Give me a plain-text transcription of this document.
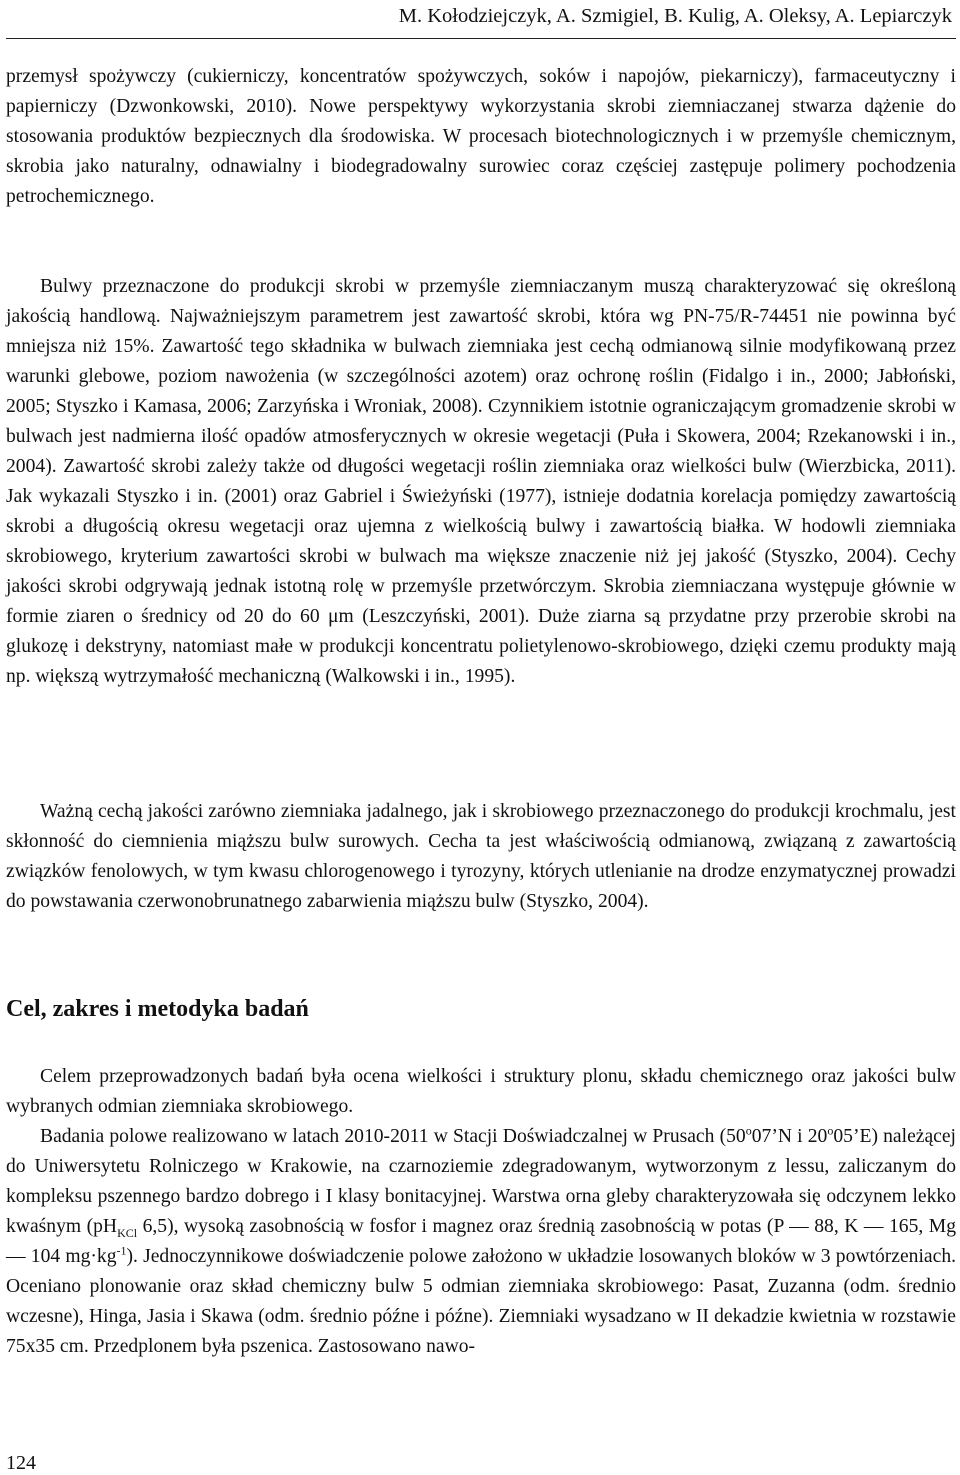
M. Kołodziejczyk, A. Szmigiel, B. Kulig, A. Oleksy, A. Lepiarczyk

przemysł spożywczy (cukierniczy, koncentratów spożywczych, soków i napojów, piekarniczy), farmaceutyczny i papierniczy (Dzwonkowski, 2010). Nowe perspektywy wykorzystania skrobi ziemniaczanej stwarza dążenie do stosowania produktów bezpiecznych dla środowiska. W procesach biotechnologicznych i w przemyśle chemicznym, skrobia jako naturalny, odnawialny i biodegradowalny surowiec coraz częściej zastępuje polimery pochodzenia petrochemicznego.

Bulwy przeznaczone do produkcji skrobi w przemyśle ziemniaczanym muszą charakteryzować się określoną jakością handlową. Najważniejszym parametrem jest zawartość skrobi, która wg PN-75/R-74451 nie powinna być mniejsza niż 15%. Zawartość tego składnika w bulwach ziemniaka jest cechą odmianową silnie modyfikowaną przez warunki glebowe, poziom nawożenia (w szczególności azotem) oraz ochronę roślin (Fidalgo i in., 2000; Jabłoński, 2005; Styszko i Kamasa, 2006; Zarzyńska i Wroniak, 2008). Czynnikiem istotnie ograniczającym gromadzenie skrobi w bulwach jest nadmierna ilość opadów atmosferycznych w okresie wegetacji (Puła i Skowera, 2004; Rzekanowski i in., 2004). Zawartość skrobi zależy także od długości wegetacji roślin ziemniaka oraz wielkości bulw (Wierzbicka, 2011). Jak wykazali Styszko i in. (2001) oraz Gabriel i Świeżyński (1977), istnieje dodatnia korelacja pomiędzy zawartością skrobi a długością okresu wegetacji oraz ujemna z wielkością bulwy i zawartością białka. W hodowli ziemniaka skrobiowego, kryterium zawartości skrobi w bulwach ma większe znaczenie niż jej jakość (Styszko, 2004). Cechy jakości skrobi odgrywają jednak istotną rolę w przemyśle przetwórczym. Skrobia ziemniaczana występuje głównie w formie ziaren o średnicy od 20 do 60 μm (Leszczyński, 2001). Duże ziarna są przydatne przy przerobie skrobi na glukozę i dekstryny, natomiast małe w produkcji koncentratu polietylenowo-skrobiowego, dzięki czemu produkty mają np. większą wytrzymałość mechaniczną (Walkowski i in., 1995).

Ważną cechą jakości zarówno ziemniaka jadalnego, jak i skrobiowego przeznaczonego do produkcji krochmalu, jest skłonność do ciemnienia miąższu bulw surowych. Cecha ta jest właściwością odmianową, związaną z zawartością związków fenolowych, w tym kwasu chlorogenowego i tyrozyny, których utlenianie na drodze enzymatycznej prowadzi do powstawania czerwonobrunatnego zabarwienia miąższu bulw (Styszko, 2004).

Cel, zakres i metodyka badań

Celem przeprowadzonych badań była ocena wielkości i struktury plonu, składu chemicznego oraz jakości bulw wybranych odmian ziemniaka skrobiowego.

Badania polowe realizowano w latach 2010-2011 w Stacji Doświadczalnej w Prusach (50$^o$07’N i 20$^o$05’E) należącej do Uniwersytetu Rolniczego w Krakowie, na czarnoziemie zdegradowanym, wytworzonym z lessu, zaliczanym do kompleksu pszennego bardzo dobrego i I klasy bonitacyjnej. Warstwa orna gleby charakteryzowała się odczynem lekko kwaśnym ($pH_{KCl}$ 6,5), wysoką zasobnością w fosfor i magnez oraz średnią zasobnością w potas (P — 88, K — 165, Mg — 104 $mg\cdot kg^{-1}$). Jednoczynnikowe doświadczenie polowe założono w układzie losowanych bloków w 3 powtórzeniach. Oceniano plonowanie oraz skład chemiczny bulw 5 odmian ziemniaka skrobiowego: Pasat, Zuzanna (odm. średnio wczesne), Hinga, Jasia i Skawa (odm. średnio późne i późne). Ziemniaki wysadzano w II dekadzie kwietnia w rozstawie 75x35 cm. Przedplonem była pszenica. Zastosowano nawo-

124
